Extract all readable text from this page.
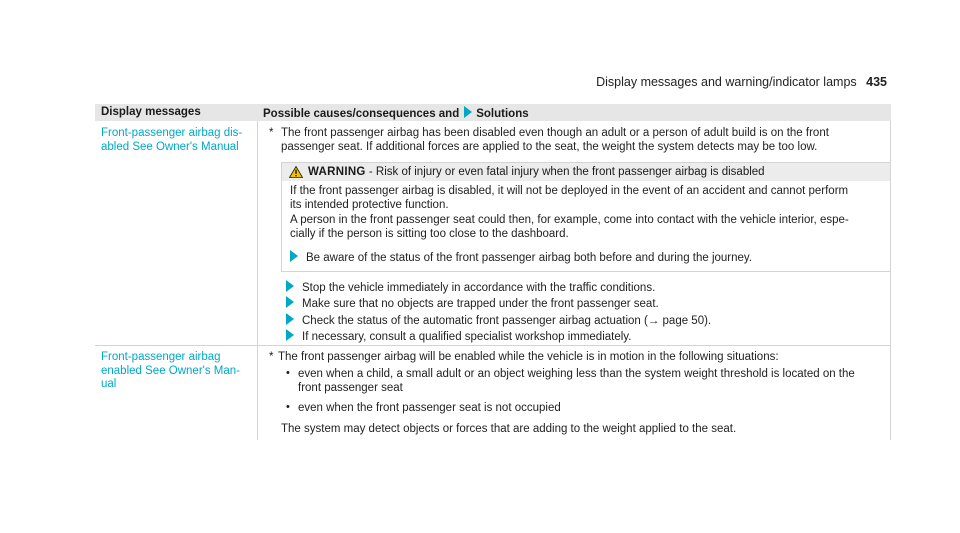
Display messages and warning/indicator lamps 435
Display messages	Possible causes/consequences and Solutions
Front-passenger airbag dis-
abled See Owner's Manual
* The front passenger airbag has been disabled even though an adult or a person of adult build is on the front
passenger seat. If additional forces are applied to the seat, the weight the system detects may be too low.
WARNING - Risk of injury or even fatal injury when the front passenger airbag is disabled
If the front passenger airbag is disabled, it will not be deployed in the event of an accident and cannot perform
its intended protective function.
A person in the front passenger seat could then, for example, come into contact with the vehicle interior, espe-
cially if the person is sitting too close to the dashboard.
Be aware of the status of the front passenger airbag both before and during the journey.
Stop the vehicle immediately in accordance with the traffic conditions.
Make sure that no objects are trapped under the front passenger seat.
Check the status of the automatic front passenger airbag actuation (→ page 50).
If necessary, consult a qualified specialist workshop immediately.
Front-passenger airbag
enabled See Owner's Man-
ual
* The front passenger airbag will be enabled while the vehicle is in motion in the following situations:
• even when a child, a small adult or an object weighing less than the system weight threshold is located on the
front passenger seat
• even when the front passenger seat is not occupied
The system may detect objects or forces that are adding to the weight applied to the seat.
